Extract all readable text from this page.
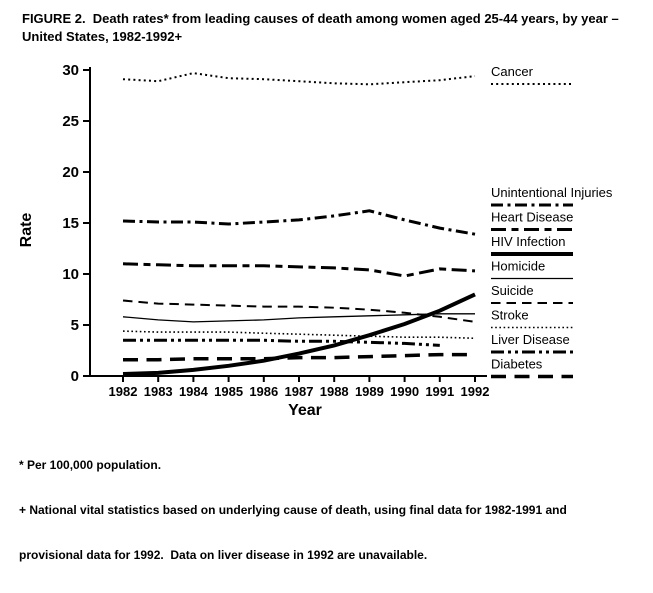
FIGURE 2.  Death rates* from leading causes of death among women aged 25-44 years, by year – United States, 1982-1992+
0
5
10
15
20
25
30
1982 1983 1984 1985 1986 1987 1988 1989 1990 1991 1992
Year
Rate
Cancer
Unintentional Injuries
Heart Disease
HIV Infection
Homicide
Suicide
Stroke
Liver Disease
Diabetes

* Per 100,000 population.

+ National vital statistics based on underlying cause of death, using final data for 1982-1991 and

provisional data for 1992.  Data on liver disease in 1992 are unavailable.
